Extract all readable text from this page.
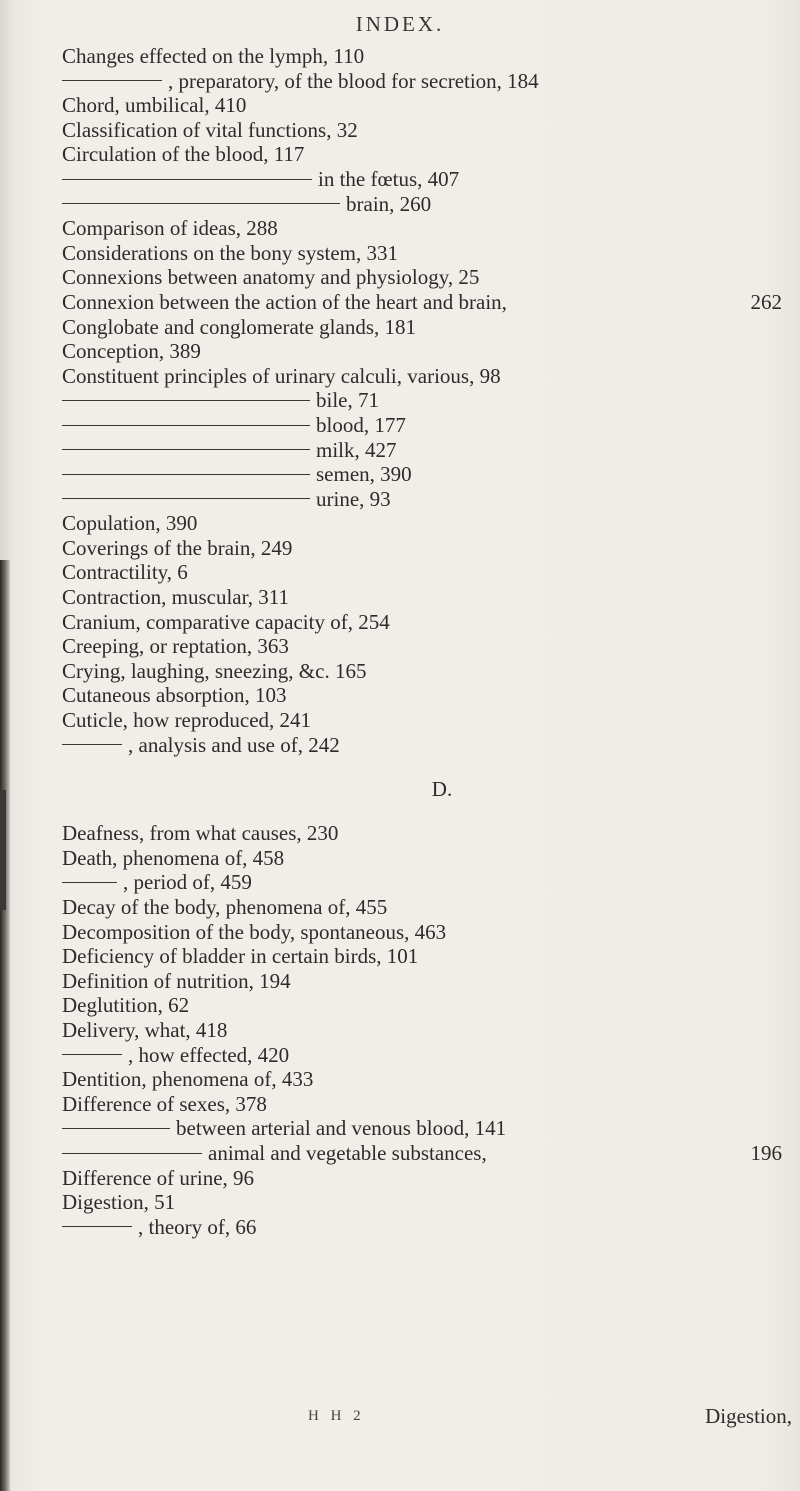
INDEX.
Changes effected on the lymph, 110
, preparatory, of the blood for secretion, 184
Chord, umbilical, 410
Classification of vital functions, 32
Circulation of the blood, 117
in the fœtus, 407
brain, 260
Comparison of ideas, 288
Considerations on the bony system, 331
Connexions between anatomy and physiology, 25
Connexion between the action of the heart and brain,	262
Conglobate and conglomerate glands, 181
Conception, 389
Constituent principles of urinary calculi, various, 98
bile, 71
blood, 177
milk, 427
semen, 390
urine, 93
Copulation, 390
Coverings of the brain, 249
Contractility, 6
Contraction, muscular, 311
Cranium, comparative capacity of, 254
Creeping, or reptation, 363
Crying, laughing, sneezing, &c. 165
Cutaneous absorption, 103
Cuticle, how reproduced, 241
, analysis and use of, 242
D.
Deafness, from what causes, 230
Death, phenomena of, 458
, period of, 459
Decay of the body, phenomena of, 455
Decomposition of the body, spontaneous, 463
Deficiency of bladder in certain birds, 101
Definition of nutrition, 194
Deglutition, 62
Delivery, what, 418
, how effected, 420
Dentition, phenomena of, 433
Difference of sexes, 378
between arterial and venous blood, 141
animal and vegetable substances,	196
Difference of urine, 96
Digestion, 51
, theory of, 66
H H 2	Digestion,
